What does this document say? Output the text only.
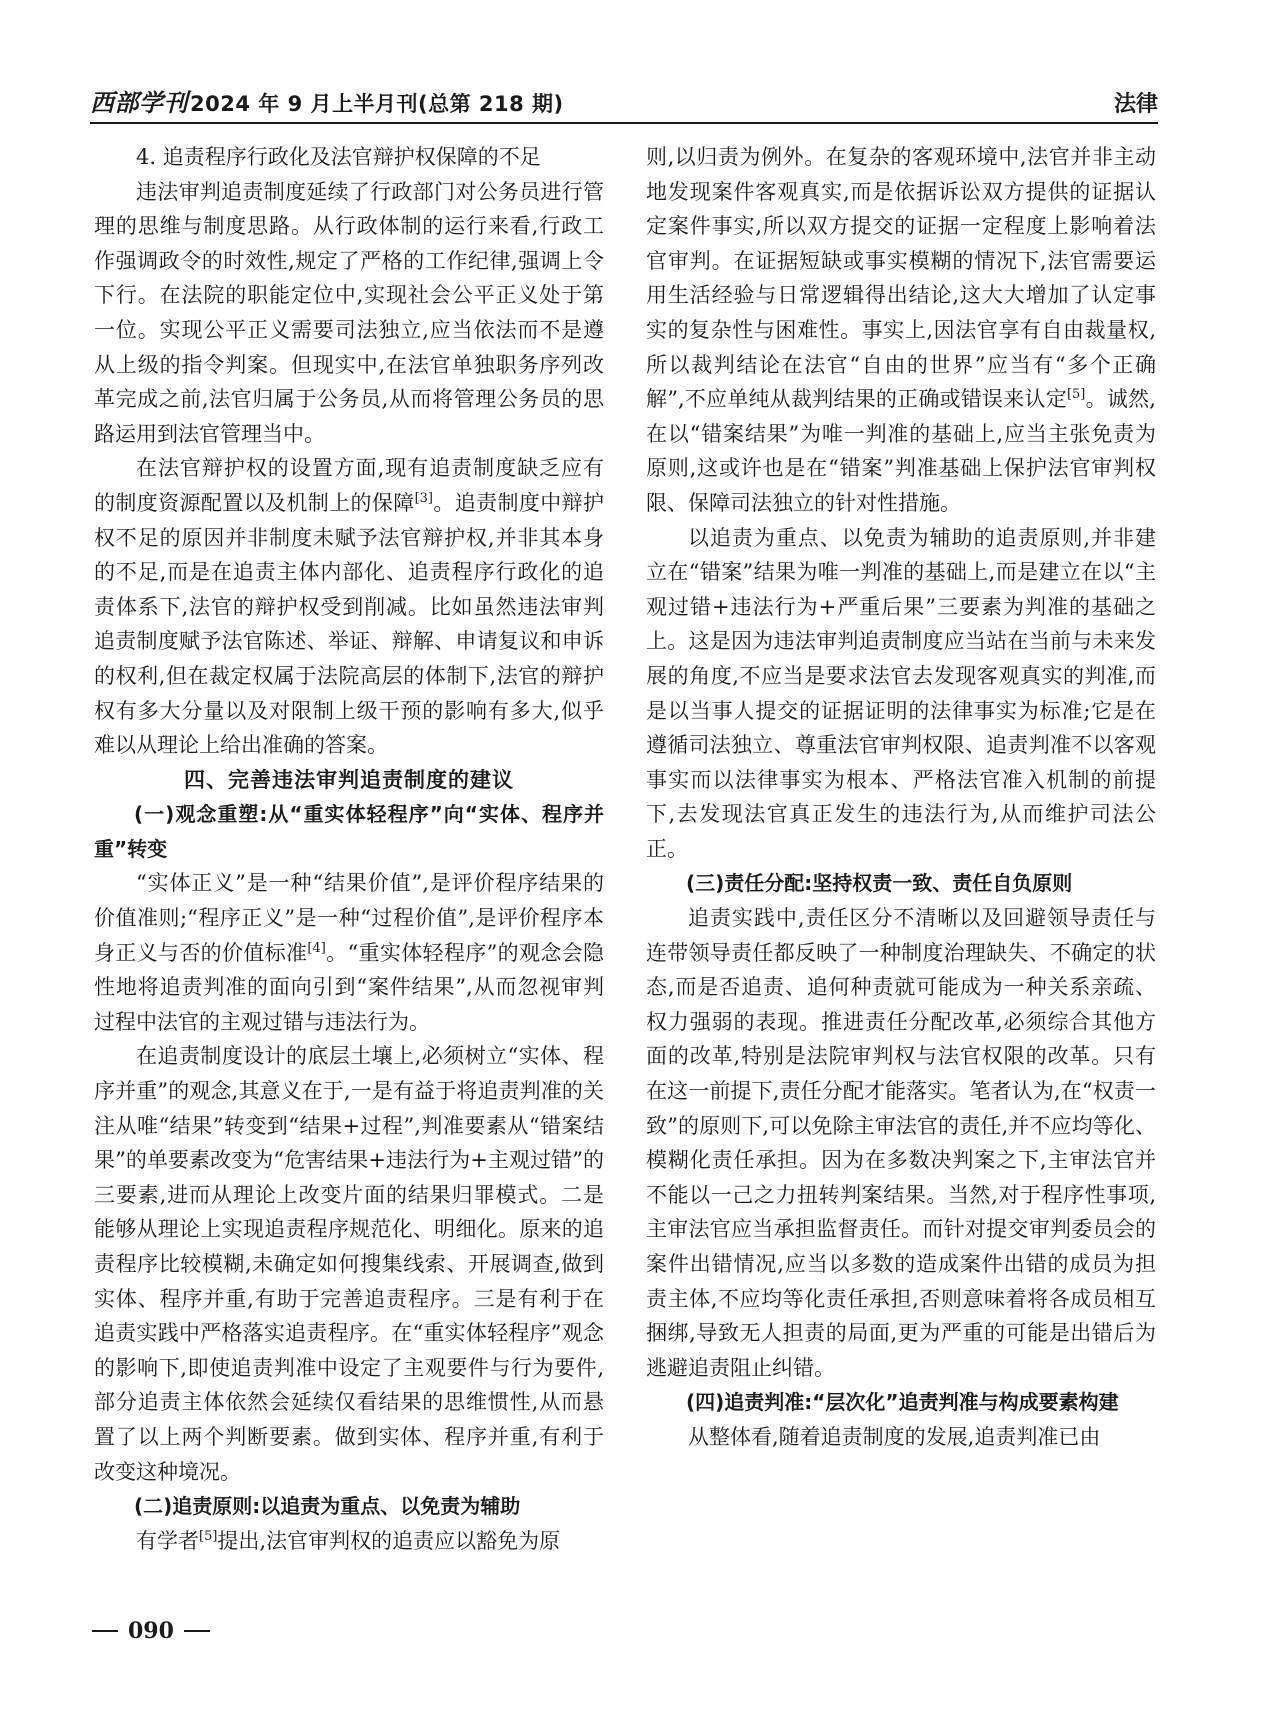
西部学刊 2024 年 9 月上半月刊(总第 218 期)	法律

4. 追责程序行政化及法官辩护权保障的不足

违法审判追责制度延续了行政部门对公务员进行管理的思维与制度思路。从行政体制的运行来看,行政工作强调政令的时效性,规定了严格的工作纪律,强调上令下行。在法院的职能定位中,实现社会公平正义处于第一位。实现公平正义需要司法独立,应当依法而不是遵从上级的指令判案。但现实中,在法官单独职务序列改革完成之前,法官归属于公务员,从而将管理公务员的思路运用到法官管理当中。

在法官辩护权的设置方面,现有追责制度缺乏应有的制度资源配置以及机制上的保障[3]。追责制度中辩护权不足的原因并非制度未赋予法官辩护权,并非其本身的不足,而是在追责主体内部化、追责程序行政化的追责体系下,法官的辩护权受到削减。比如虽然违法审判追责制度赋予法官陈述、举证、辩解、申请复议和申诉的权利,但在裁定权属于法院高层的体制下,法官的辩护权有多大分量以及对限制上级干预的影响有多大,似乎难以从理论上给出准确的答案。

四、完善违法审判追责制度的建议
(一)观念重塑:从“重实体轻程序”向“实体、程序并重”转变

“实体正义”是一种“结果价值”,是评价程序结果的价值准则;“程序正义”是一种“过程价值”,是评价程序本身正义与否的价值标准[4]。“重实体轻程序”的观念会隐性地将追责判准的面向引到“案件结果”,从而忽视审判过程中法官的主观过错与违法行为。

在追责制度设计的底层土壤上,必须树立“实体、程序并重”的观念,其意义在于,一是有益于将追责判准的关注从唯“结果”转变到“结果+过程”,判准要素从“错案结果”的单要素改变为“危害结果+违法行为+主观过错”的三要素,进而从理论上改变片面的结果归罪模式。二是能够从理论上实现追责程序规范化、明细化。原来的追责程序比较模糊,未确定如何搜集线索、开展调查,做到实体、程序并重,有助于完善追责程序。三是有利于在追责实践中严格落实追责程序。在“重实体轻程序”观念的影响下,即使追责判准中设定了主观要件与行为要件,部分追责主体依然会延续仅看结果的思维惯性,从而悬置了以上两个判断要素。做到实体、程序并重,有利于改变这种境况。

(二)追责原则:以追责为重点、以免责为辅助

有学者[5]提出,法官审判权的追责应以豁免为原

则,以归责为例外。在复杂的客观环境中,法官并非主动地发现案件客观真实,而是依据诉讼双方提供的证据认定案件事实,所以双方提交的证据一定程度上影响着法官审判。在证据短缺或事实模糊的情况下,法官需要运用生活经验与日常逻辑得出结论,这大大增加了认定事实的复杂性与困难性。事实上,因法官享有自由裁量权,所以裁判结论在法官“自由的世界”应当有“多个正确解”,不应单纯从裁判结果的正确或错误来认定[5]。诚然,在以“错案结果”为唯一判准的基础上,应当主张免责为原则,这或许也是在“错案”判准基础上保护法官审判权限、保障司法独立的针对性措施。

以追责为重点、以免责为辅助的追责原则,并非建立在“错案”结果为唯一判准的基础上,而是建立在以“主观过错+违法行为+严重后果”三要素为判准的基础之上。这是因为违法审判追责制度应当站在当前与未来发展的角度,不应当是要求法官去发现客观真实的判准,而是以当事人提交的证据证明的法律事实为标准;它是在遵循司法独立、尊重法官审判权限、追责判准不以客观事实而以法律事实为根本、严格法官准入机制的前提下,去发现法官真正发生的违法行为,从而维护司法公正。

(三)责任分配:坚持权责一致、责任自负原则

追责实践中,责任区分不清晰以及回避领导责任与连带领导责任都反映了一种制度治理缺失、不确定的状态,而是否追责、追何种责就可能成为一种关系亲疏、权力强弱的表现。推进责任分配改革,必须综合其他方面的改革,特别是法院审判权与法官权限的改革。只有在这一前提下,责任分配才能落实。笔者认为,在“权责一致”的原则下,可以免除主审法官的责任,并不应均等化、模糊化责任承担。因为在多数决判案之下,主审法官并不能以一己之力扭转判案结果。当然,对于程序性事项,主审法官应当承担监督责任。而针对提交审判委员会的案件出错情况,应当以多数的造成案件出错的成员为担责主体,不应均等化责任承担,否则意味着将各成员相互捆绑,导致无人担责的局面,更为严重的可能是出错后为逃避追责阻止纠错。

(四)追责判准:“层次化”追责判准与构成要素构建

从整体看,随着追责制度的发展,追责判准已由

090
